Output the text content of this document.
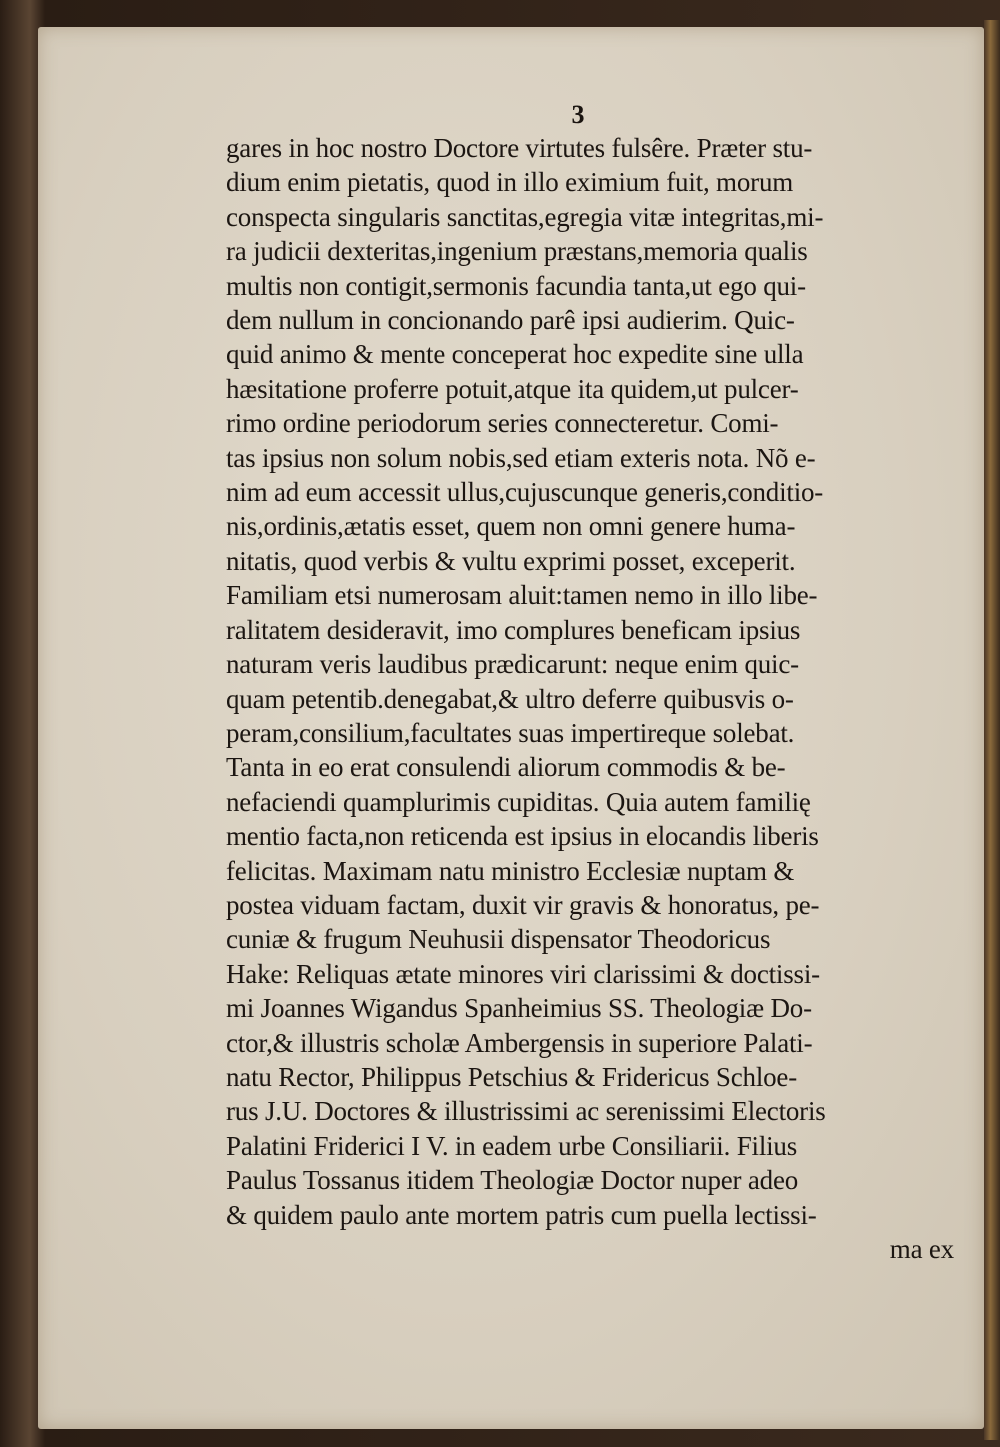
3

gares in hoc nostro Doctore virtutes fulsêre. Præter stu-
dium enim pietatis, quod in illo eximium fuit, morum
conspecta singularis sanctitas,egregia vitæ integritas,mi-
ra judicii dexteritas,ingenium præstans,memoria qualis
multis non contigit,sermonis facundia tanta,ut ego qui-
dem nullum in concionando parê ipsi audierim. Quic-
quid animo & mente conceperat hoc expedite sine ulla
hæsitatione proferre potuit,atque ita quidem,ut pulcer-
rimo ordine periodorum series connecteretur. Comi-
tas ipsius non solum nobis,sed etiam exteris nota. Nõ e-
nim ad eum accessit ullus,cujuscunque generis,conditio-
nis,ordinis,ætatis esset, quem non omni genere huma-
nitatis, quod verbis & vultu exprimi posset, exceperit.
Familiam etsi numerosam aluit:tamen nemo in illo libe-
ralitatem desideravit, imo complures beneficam ipsius
naturam veris laudibus prædicarunt: neque enim quic-
quam petentib.denegabat,& ultro deferre quibusvis o-
peram,consilium,facultates suas impertireque solebat.
Tanta in eo erat consulendi aliorum commodis & be-
nefaciendi quamplurimis cupiditas. Quia autem familię
mentio facta,non reticenda est ipsius in elocandis liberis
felicitas. Maximam natu ministro Ecclesiæ nuptam &
postea viduam factam, duxit vir gravis & honoratus, pe-
cuniæ & frugum Neuhusii dispensator Theodoricus
Hake: Reliquas ætate minores viri clarissimi & doctissi-
mi Joannes Wigandus Spanheimius SS. Theologiæ Do-
ctor,& illustris scholæ Ambergensis in superiore Palati-
natu Rector, Philippus Petschius & Fridericus Schloe-
rus J.U. Doctores & illustrissimi ac serenissimi Electoris
Palatini Friderici I V. in eadem urbe Consiliarii. Filius
Paulus Tossanus itidem Theologiæ Doctor nuper adeo
& quidem paulo ante mortem patris cum puella lectissi-
ma ex
